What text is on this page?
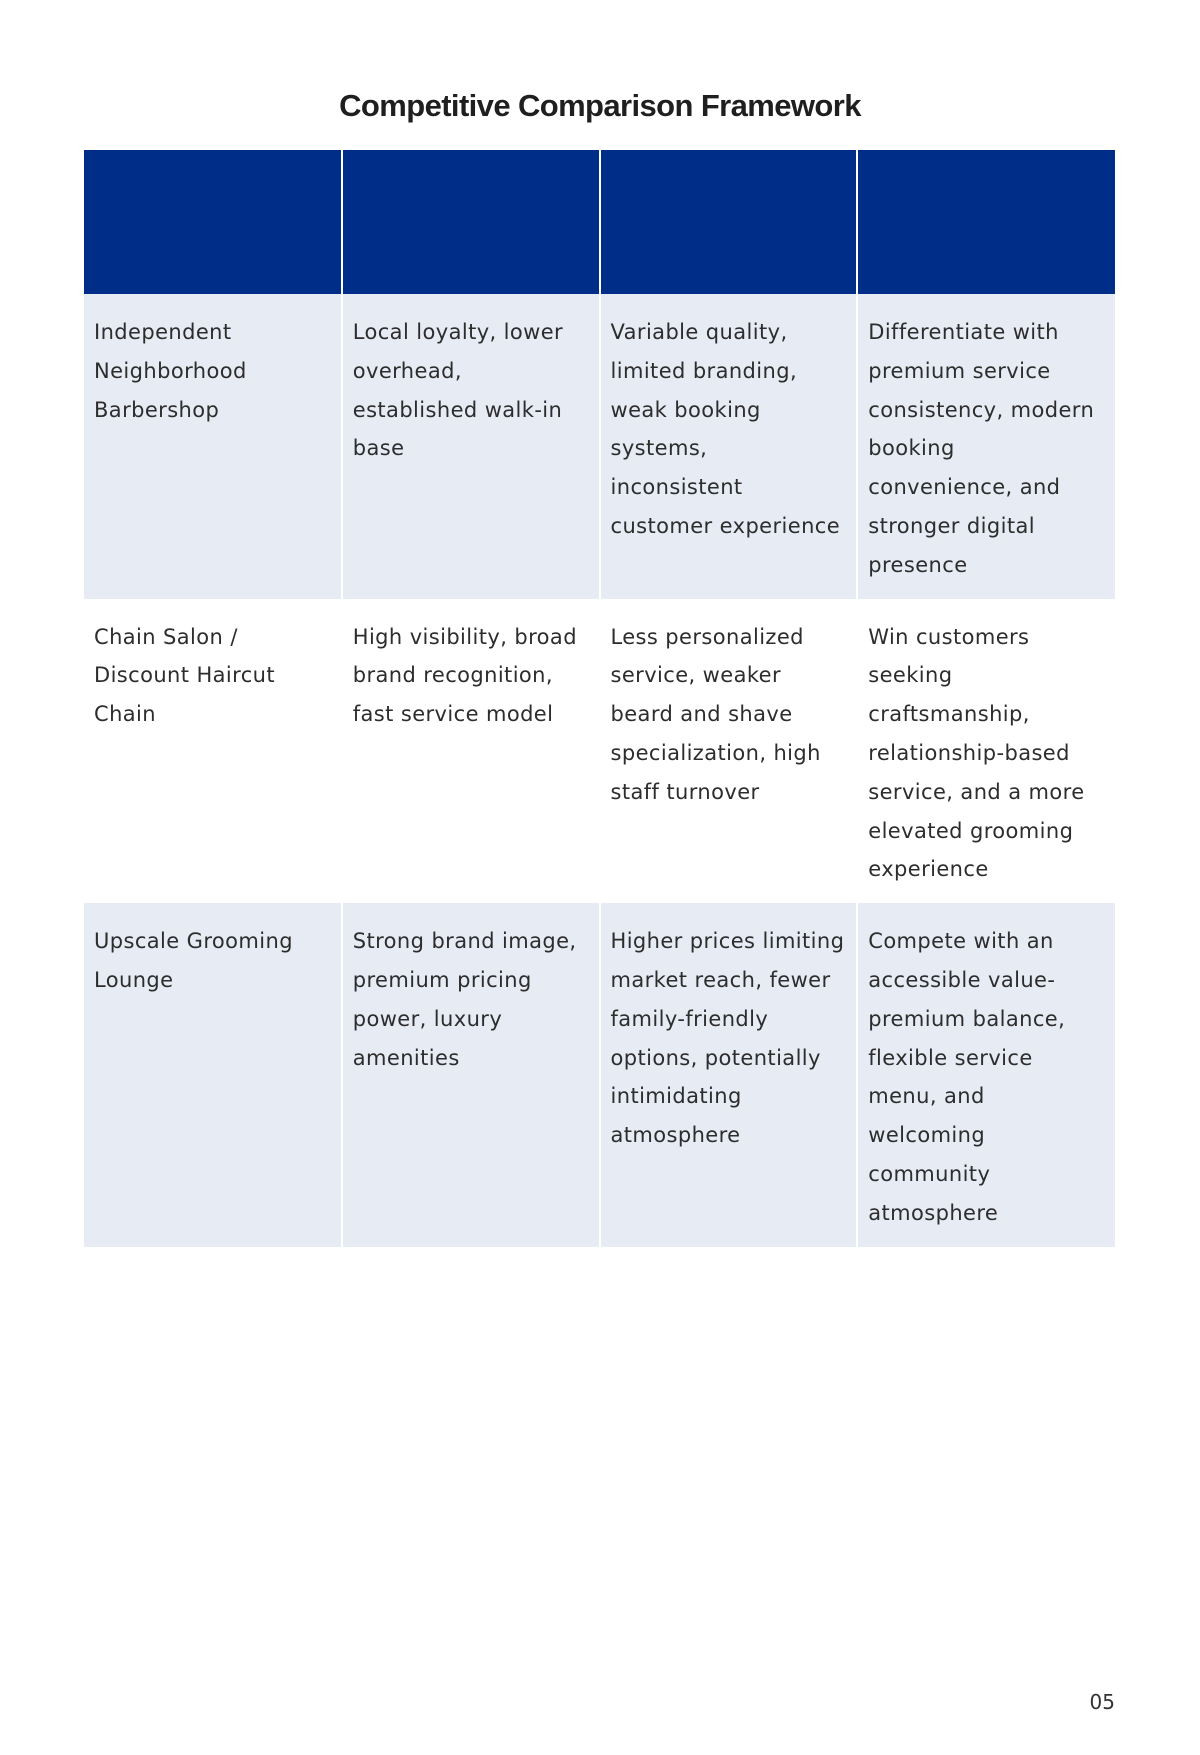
Competitive Comparison Framework

Independent Neighborhood Barbershop	Local loyalty, lower overhead, established walk-in base	Variable quality, limited branding, weak booking systems, inconsistent customer experience	Differentiate with premium service consistency, modern booking convenience, and stronger digital presence
Chain Salon / Discount Haircut Chain	High visibility, broad brand recognition, fast service model	Less personalized service, weaker beard and shave specialization, high staff turnover	Win customers seeking craftsmanship, relationship-based service, and a more elevated grooming experience
Upscale Grooming Lounge	Strong brand image, premium pricing power, luxury amenities	Higher prices limiting market reach, fewer family-friendly options, potentially intimidating atmosphere	Compete with an accessible value-premium balance, flexible service menu, and welcoming community atmosphere
05
